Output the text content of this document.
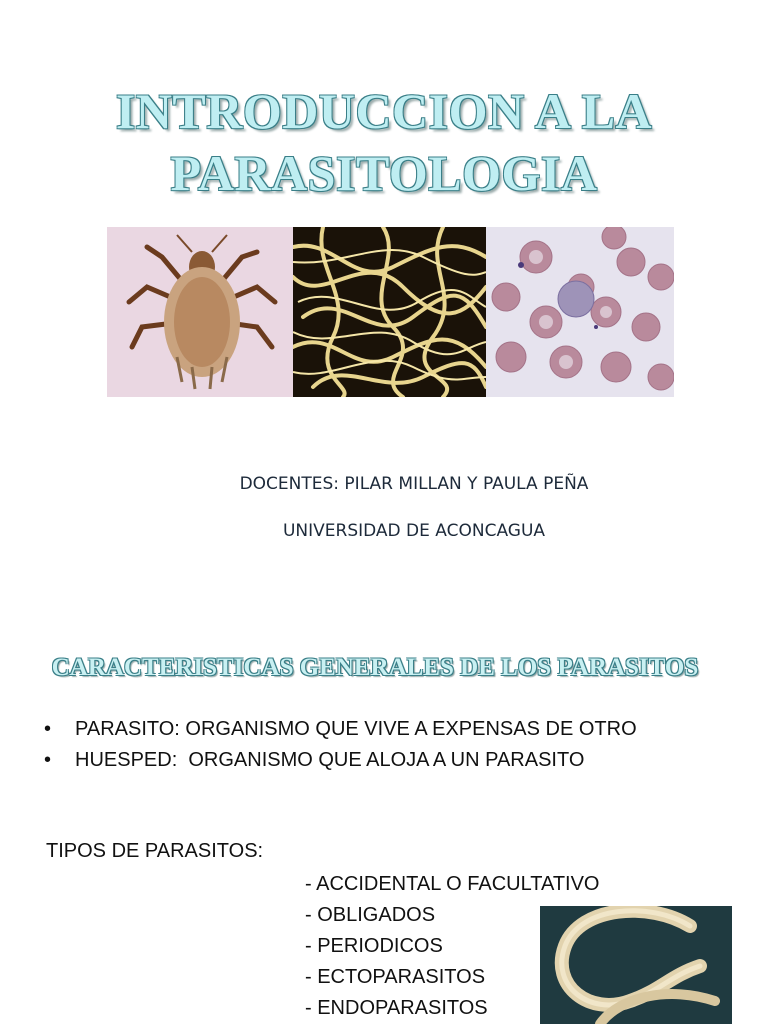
INTRODUCCION A LA
PARASITOLOGIA
DOCENTES: PILAR MILLAN Y PAULA PEÑA
UNIVERSIDAD DE ACONCAGUA
CARACTERISTICAS GENERALES DE LOS PARASITOS
•	PARASITO: ORGANISMO QUE VIVE A EXPENSAS DE OTRO
•	HUESPED:  ORGANISMO QUE ALOJA A UN PARASITO
TIPOS DE PARASITOS:
- ACCIDENTAL O FACULTATIVO
- OBLIGADOS
- PERIODICOS
- ECTOPARASITOS
- ENDOPARASITOS
